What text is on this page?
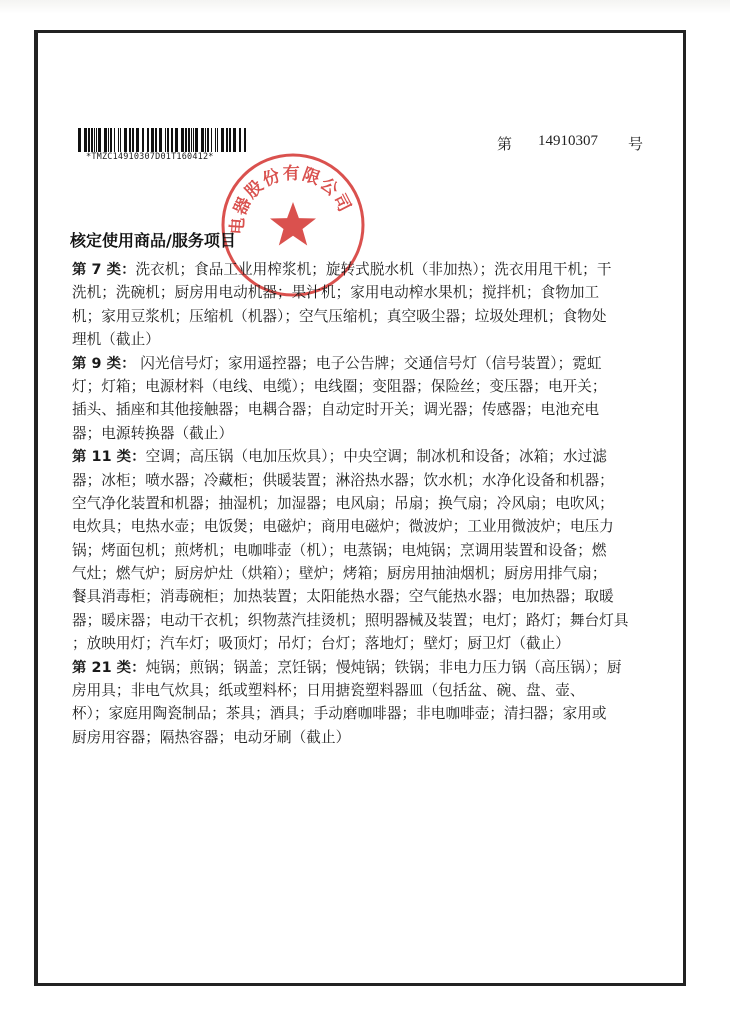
*TMZC14910307D01T160412*
第 14910307 号
电器股份有限公司
核定使用商品/服务项目
第 7 类：洗衣机；食品工业用榨浆机；旋转式脱水机（非加热）；洗衣用甩干机；干
洗机；洗碗机；厨房用电动机器；果汁机；家用电动榨水果机；搅拌机；食物加工
机；家用豆浆机；压缩机（机器）；空气压缩机；真空吸尘器；垃圾处理机；食物处
理机（截止）
第 9 类： 闪光信号灯；家用遥控器；电子公告牌；交通信号灯（信号装置）；霓虹
灯；灯箱；电源材料（电线、电缆）；电线圈；变阻器；保险丝；变压器；电开关；
插头、插座和其他接触器；电耦合器；自动定时开关；调光器；传感器；电池充电
器；电源转换器（截止）
第 11 类：空调；高压锅（电加压炊具）；中央空调；制冰机和设备；冰箱；水过滤
器；冰柜；喷水器；冷藏柜；供暖装置；淋浴热水器；饮水机；水净化设备和机器；
空气净化装置和机器；抽湿机；加湿器；电风扇；吊扇；换气扇；冷风扇；电吹风；
电炊具；电热水壶；电饭煲；电磁炉；商用电磁炉；微波炉；工业用微波炉；电压力
锅；烤面包机；煎烤机；电咖啡壶（机）；电蒸锅；电炖锅；烹调用装置和设备；燃
气灶；燃气炉；厨房炉灶（烘箱）；壁炉；烤箱；厨房用抽油烟机；厨房用排气扇；
餐具消毒柜；消毒碗柜；加热装置；太阳能热水器；空气能热水器；电加热器；取暖
器；暖床器；电动干衣机；织物蒸汽挂烫机；照明器械及装置；电灯；路灯；舞台灯具
；放映用灯；汽车灯；吸顶灯；吊灯；台灯；落地灯；壁灯；厨卫灯（截止）
第 21 类：炖锅；煎锅；锅盖；烹饪锅；慢炖锅；铁锅；非电力压力锅（高压锅）；厨
房用具；非电气炊具；纸或塑料杯；日用搪瓷塑料器皿（包括盆、碗、盘、壶、
杯）；家庭用陶瓷制品；茶具；酒具；手动磨咖啡器；非电咖啡壶；清扫器；家用或
厨房用容器；隔热容器；电动牙刷（截止）
